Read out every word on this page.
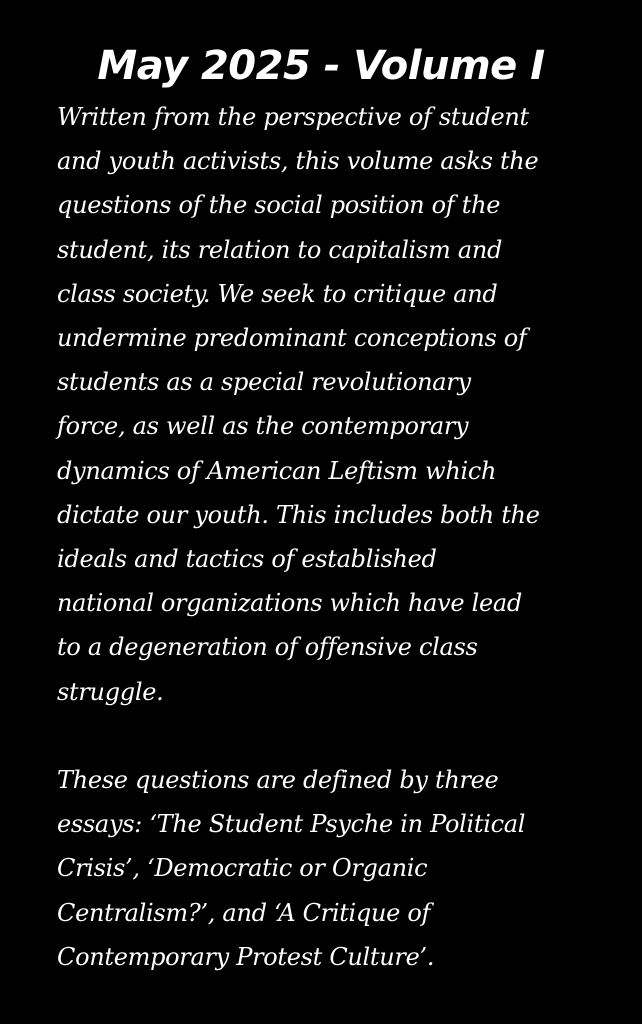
May 2025 - Volume I
Written from the perspective of student
and youth activists, this volume asks the
questions of the social position of the
student, its relation to capitalism and
class society. We seek to critique and
undermine predominant conceptions of
students as a special revolutionary
force, as well as the contemporary
dynamics of American Leftism which
dictate our youth. This includes both the
ideals and tactics of established
national organizations which have lead
to a degeneration of offensive class
struggle.
These questions are defined by three
essays: ‘The Student Psyche in Political
Crisis’, ‘Democratic or Organic
Centralism?’, and ‘A Critique of
Contemporary Protest Culture’.
